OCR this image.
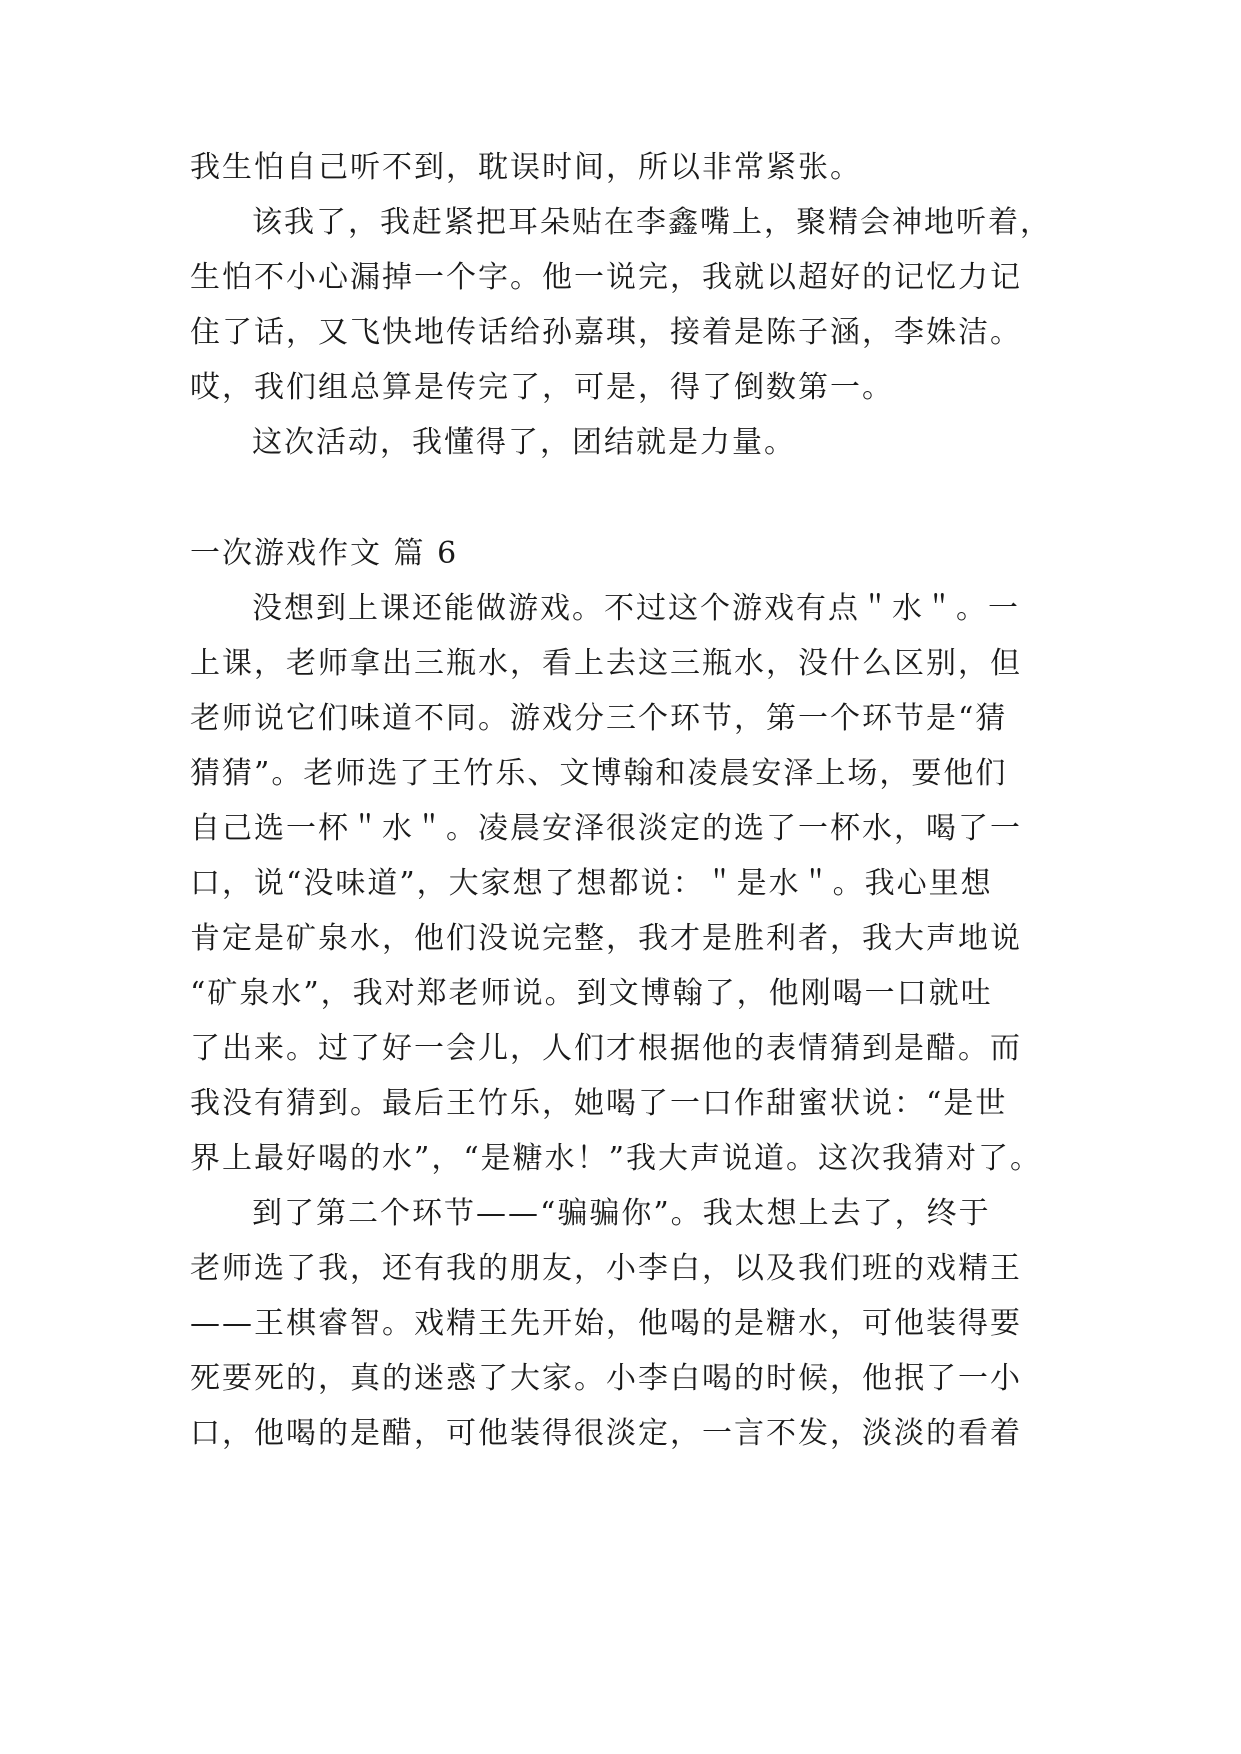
我生怕自己听不到，耽误时间，所以非常紧张。
该我了，我赶紧把耳朵贴在李鑫嘴上，聚精会神地听着，
生怕不小心漏掉一个字。他一说完，我就以超好的记忆力记
住了话，又飞快地传话给孙嘉琪，接着是陈子涵，李姝洁。
哎，我们组总算是传完了，可是，得了倒数第一。
这次活动，我懂得了，团结就是力量。
一次游戏作文 篇 6
没想到上课还能做游戏。不过这个游戏有点＂水＂。一
上课，老师拿出三瓶水，看上去这三瓶水，没什么区别，但
老师说它们味道不同。游戏分三个环节，第一个环节是“猜
猜猜”。老师选了王竹乐、文博翰和凌晨安泽上场，要他们
自己选一杯＂水＂。凌晨安泽很淡定的选了一杯水，喝了一
口，说“没味道”，大家想了想都说：＂是水＂。我心里想
肯定是矿泉水，他们没说完整，我才是胜利者，我大声地说
“矿泉水”，我对郑老师说。到文博翰了，他刚喝一口就吐
了出来。过了好一会儿，人们才根据他的表情猜到是醋。而
我没有猜到。最后王竹乐，她喝了一口作甜蜜状说：“是世
界上最好喝的水”，“是糖水！”我大声说道。这次我猜对了。
到了第二个环节——“骗骗你”。我太想上去了，终于
老师选了我，还有我的朋友，小李白，以及我们班的戏精王
——王棋睿智。戏精王先开始，他喝的是糖水，可他装得要
死要死的，真的迷惑了大家。小李白喝的时候，他抿了一小
口，他喝的是醋，可他装得很淡定，一言不发，淡淡的看着
